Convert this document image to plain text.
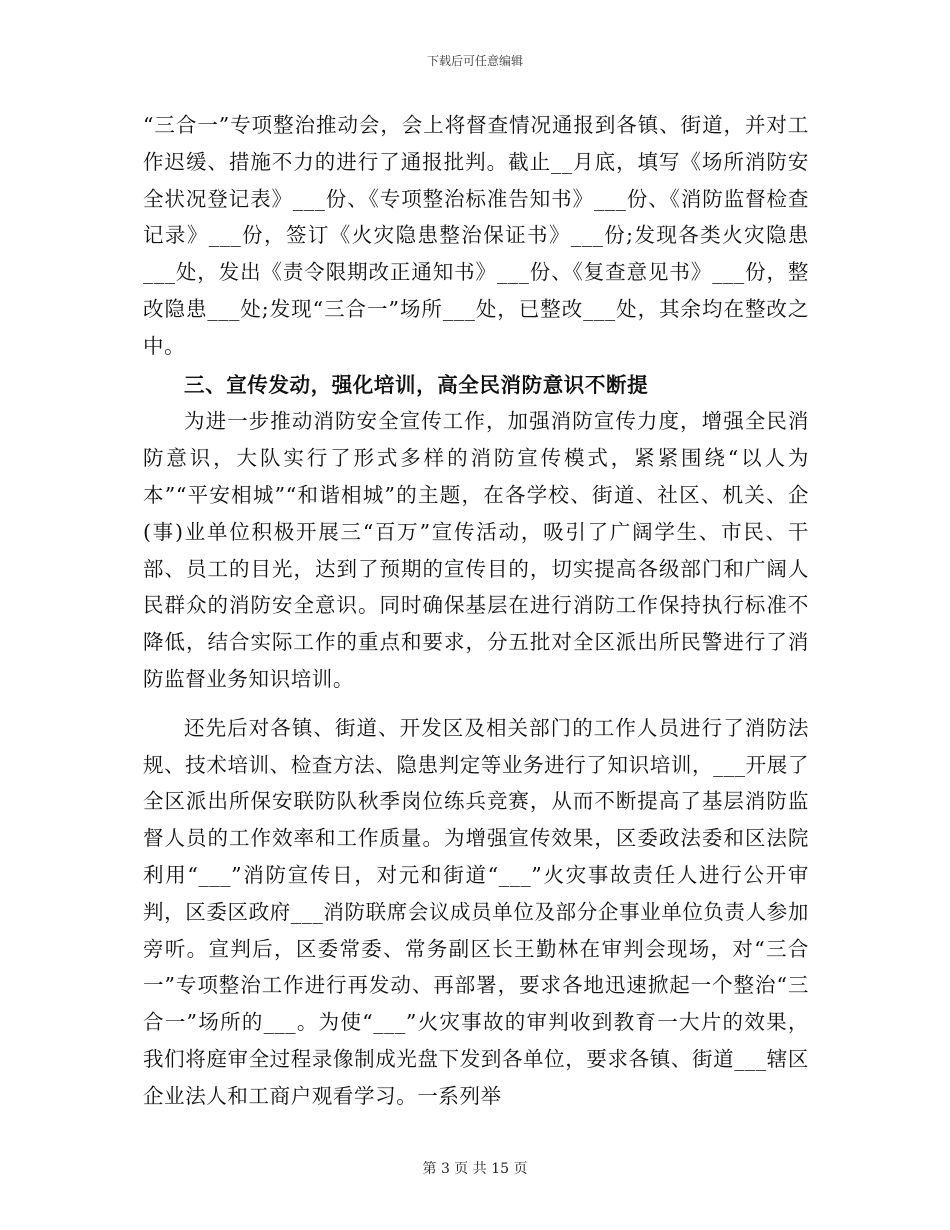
下载后可任意编辑

“三合一”专项整治推动会，会上将督查情况通报到各镇、街道，并对工作迟缓、措施不力的进行了通报批判。截止__月底，填写《场所消防安全状况登记表》___份、《专项整治标准告知书》___份、《消防监督检查记录》___份，签订《火灾隐患整治保证书》___份;发现各类火灾隐患___处，发出《责令限期改正通知书》___份、《复查意见书》___份，整改隐患___处;发现“三合一”场所___处，已整改___处，其余均在整改之中。

三、宣传发动，强化培训，高全民消防意识不断提

为进一步推动消防安全宣传工作，加强消防宣传力度，增强全民消防意识，大队实行了形式多样的消防宣传模式，紧紧围绕“以人为本”“平安相城”“和谐相城”的主题，在各学校、街道、社区、机关、企(事)业单位积极开展三“百万”宣传活动，吸引了广阔学生、市民、干部、员工的目光，达到了预期的宣传目的，切实提高各级部门和广阔人民群众的消防安全意识。同时确保基层在进行消防工作保持执行标准不降低，结合实际工作的重点和要求，分五批对全区派出所民警进行了消防监督业务知识培训。

还先后对各镇、街道、开发区及相关部门的工作人员进行了消防法规、技术培训、检查方法、隐患判定等业务进行了知识培训，___开展了全区派出所保安联防队秋季岗位练兵竞赛，从而不断提高了基层消防监督人员的工作效率和工作质量。为增强宣传效果，区委政法委和区法院利用“___”消防宣传日，对元和街道“___”火灾事故责任人进行公开审判，区委区政府___消防联席会议成员单位及部分企事业单位负责人参加旁听。宣判后，区委常委、常务副区长王勤林在审判会现场，对“三合一”专项整治工作进行再发动、再部署，要求各地迅速掀起一个整治“三合一”场所的___。为使“___”火灾事故的审判收到教育一大片的效果，我们将庭审全过程录像制成光盘下发到各单位，要求各镇、街道___辖区企业法人和工商户观看学习。一系列举

第 3 页 共 15 页
